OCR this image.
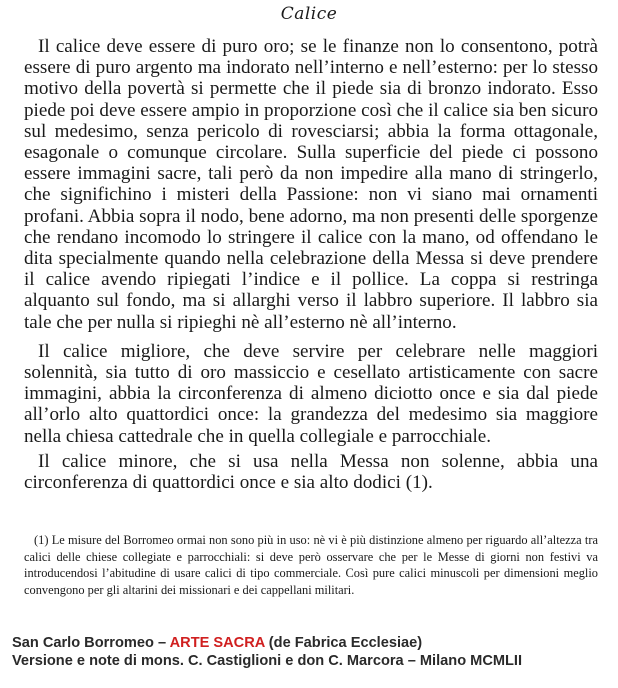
Calice

Il calice deve essere di puro oro; se le finanze non lo consentono, potrà essere di puro argento ma indorato nell’interno e nell’esterno: per lo stesso motivo della povertà si permette che il piede sia di bronzo indorato. Esso piede poi deve essere ampio in proporzione così che il calice sia ben sicuro sul medesimo, senza pericolo di rovesciarsi; abbia la forma ottagonale, esagonale o comunque circolare. Sulla superficie del piede ci possono essere immagini sacre, tali però da non impedire alla mano di stringerlo, che significhino i misteri della Passione: non vi siano mai ornamenti profani. Abbia sopra il nodo, bene adorno, ma non presenti delle sporgenze che rendano incomodo lo stringere il calice con la mano, od offendano le dita specialmente quando nella celebrazione della Messa si deve prendere il calice avendo ripiegati l’indice e il pollice. La coppa si restringa alquanto sul fondo, ma si allarghi verso il labbro superiore. Il labbro sia tale che per nulla si ripieghi nè all’esterno nè all’interno.

Il calice migliore, che deve servire per celebrare nelle maggiori solennità, sia tutto di oro massiccio e cesellato artisticamente con sacre immagini, abbia la circonferenza di almeno diciotto once e sia dal piede all’orlo alto quattordici once: la grandezza del medesimo sia maggiore nella chiesa cattedrale che in quella collegiale e parrocchiale.

Il calice minore, che si usa nella Messa non solenne, abbia una circonferenza di quattordici once e sia alto dodici (1).

(1) Le misure del Borromeo ormai non sono più in uso: nè vi è più distinzione almeno per riguardo all’altezza tra calici delle chiese collegiate e parrocchiali: si deve però osservare che per le Messe di giorni non festivi va introducendosi l’abitudine di usare calici di tipo commerciale. Così pure calici minuscoli per dimensioni meglio convengono per gli altarini dei missionari e dei cappellani militari.

San Carlo Borromeo – ARTE SACRA (de Fabrica Ecclesiae)
Versione e note di mons. C. Castiglioni e don C. Marcora – Milano MCMLII
